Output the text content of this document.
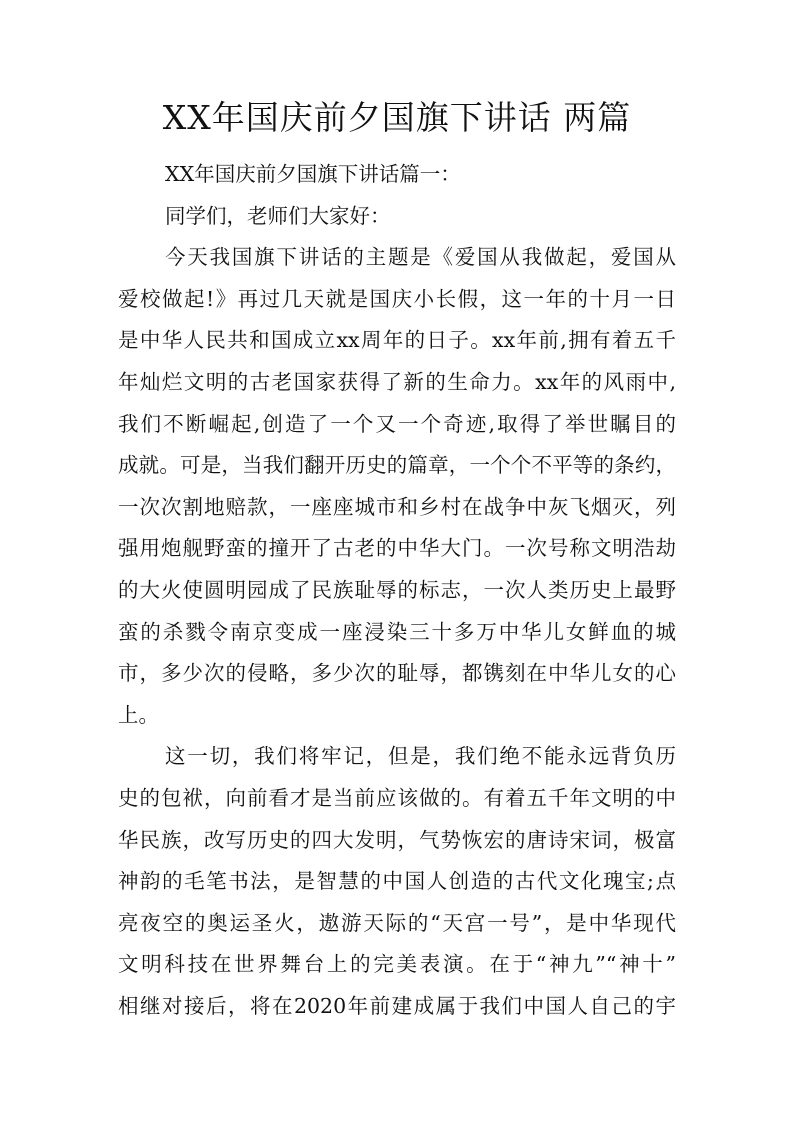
XX年国庆前夕国旗下讲话 两篇
XX年国庆前夕国旗下讲话篇一：
同学们，老师们大家好：
今天我国旗下讲话的主题是《爱国从我做起，爱国从
爱校做起!》再过几天就是国庆小长假，这一年的十月一日
是中华人民共和国成立xx周年的日子。xx年前,拥有着五千
年灿烂文明的古老国家获得了新的生命力。xx年的风雨中,
我们不断崛起,创造了一个又一个奇迹,取得了举世瞩目的
成就。可是，当我们翻开历史的篇章，一个个不平等的条约，
一次次割地赔款，一座座城市和乡村在战争中灰飞烟灭，列
强用炮舰野蛮的撞开了古老的中华大门。一次号称文明浩劫
的大火使圆明园成了民族耻辱的标志，一次人类历史上最野
蛮的杀戮令南京变成一座浸染三十多万中华儿女鲜血的城
市，多少次的侵略，多少次的耻辱，都镌刻在中华儿女的心
上。
这一切，我们将牢记，但是，我们绝不能永远背负历
史的包袱，向前看才是当前应该做的。有着五千年文明的中
华民族，改写历史的四大发明，气势恢宏的唐诗宋词，极富
神韵的毛笔书法，是智慧的中国人创造的古代文化瑰宝;点
亮夜空的奥运圣火，遨游天际的“天宫一号”，是中华现代
文明科技在世界舞台上的完美表演。在于“神九”“神十”
相继对接后，将在2020年前建成属于我们中国人自己的宇
